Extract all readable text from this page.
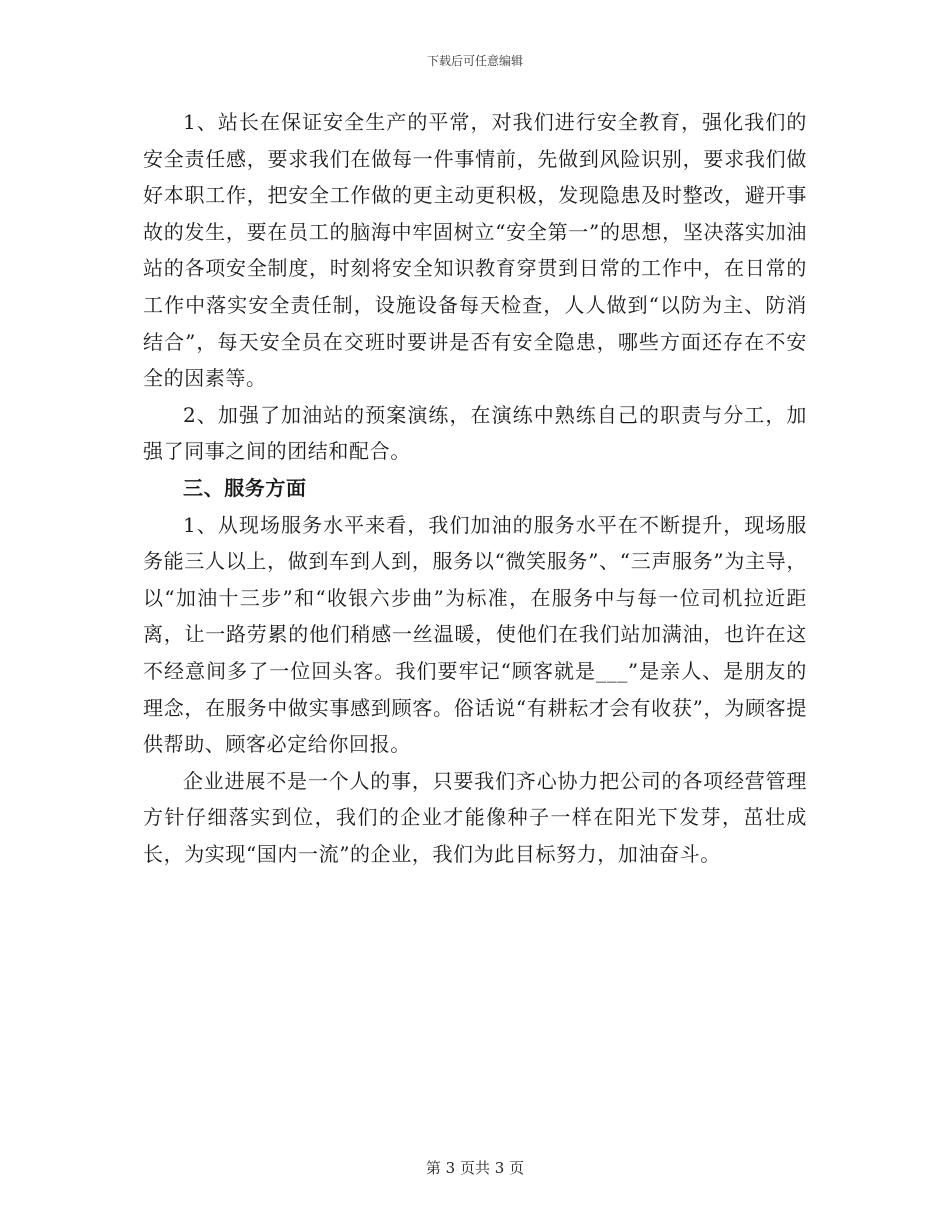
下载后可任意编辑

1、站长在保证安全生产的平常，对我们进行安全教育，强化我们的安全责任感，要求我们在做每一件事情前，先做到风险识别，要求我们做好本职工作，把安全工作做的更主动更积极，发现隐患及时整改，避开事故的发生，要在员工的脑海中牢固树立“安全第一”的思想，坚决落实加油站的各项安全制度，时刻将安全知识教育穿贯到日常的工作中，在日常的工作中落实安全责任制，设施设备每天检查，人人做到“以防为主、防消结合”，每天安全员在交班时要讲是否有安全隐患，哪些方面还存在不安全的因素等。

2、加强了加油站的预案演练，在演练中熟练自己的职责与分工，加强了同事之间的团结和配合。

三、服务方面

1、从现场服务水平来看，我们加油的服务水平在不断提升，现场服务能三人以上，做到车到人到，服务以“微笑服务”、“三声服务”为主导，以“加油十三步”和“收银六步曲”为标准，在服务中与每一位司机拉近距离，让一路劳累的他们稍感一丝温暖，使他们在我们站加满油，也许在这不经意间多了一位回头客。我们要牢记“顾客就是___”是亲人、是朋友的理念，在服务中做实事感到顾客。俗话说“有耕耘才会有收获”，为顾客提供帮助、顾客必定给你回报。

企业进展不是一个人的事，只要我们齐心协力把公司的各项经营管理方针仔细落实到位，我们的企业才能像种子一样在阳光下发芽，茁壮成长，为实现“国内一流”的企业，我们为此目标努力，加油奋斗。

第 3 页共 3 页
